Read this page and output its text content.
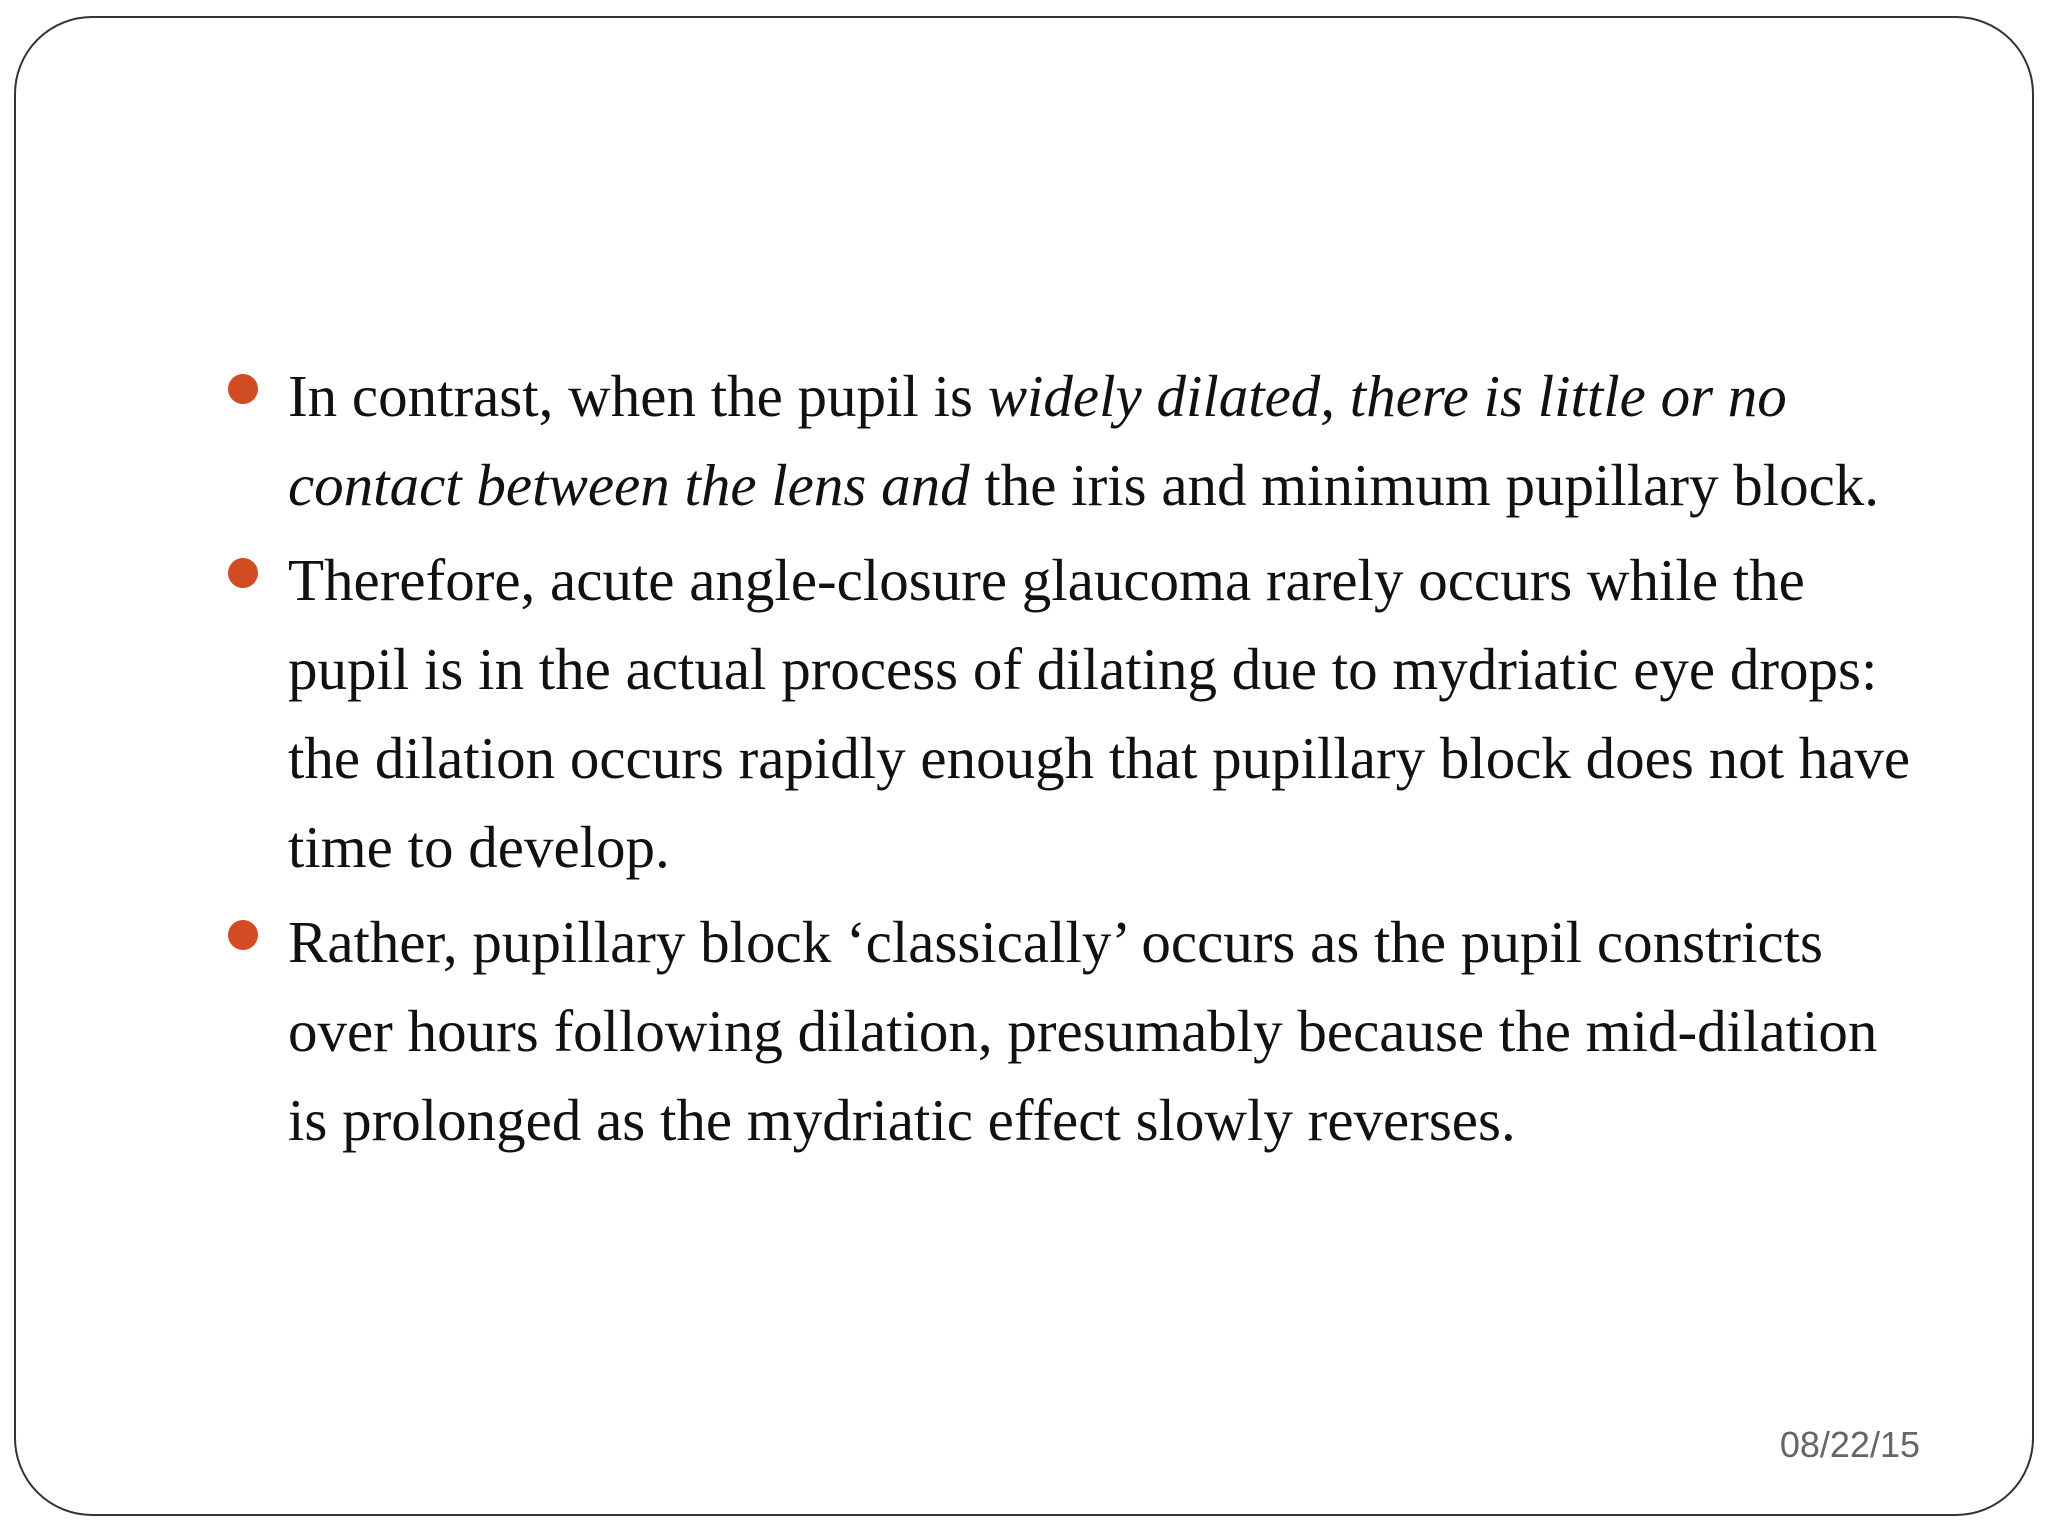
In contrast, when the pupil is widely dilated, there is little or no contact between the lens and the iris and minimum pupillary block.
Therefore, acute angle-closure glaucoma rarely occurs while the pupil is in the actual process of dilating due to mydriatic eye drops: the dilation occurs rapidly enough that pupillary block does not have time to develop.
Rather, pupillary block ‘classically’ occurs as the pupil constricts over hours following dilation, presumably because the mid-dilation is prolonged as the mydriatic effect slowly reverses.
08/22/15
